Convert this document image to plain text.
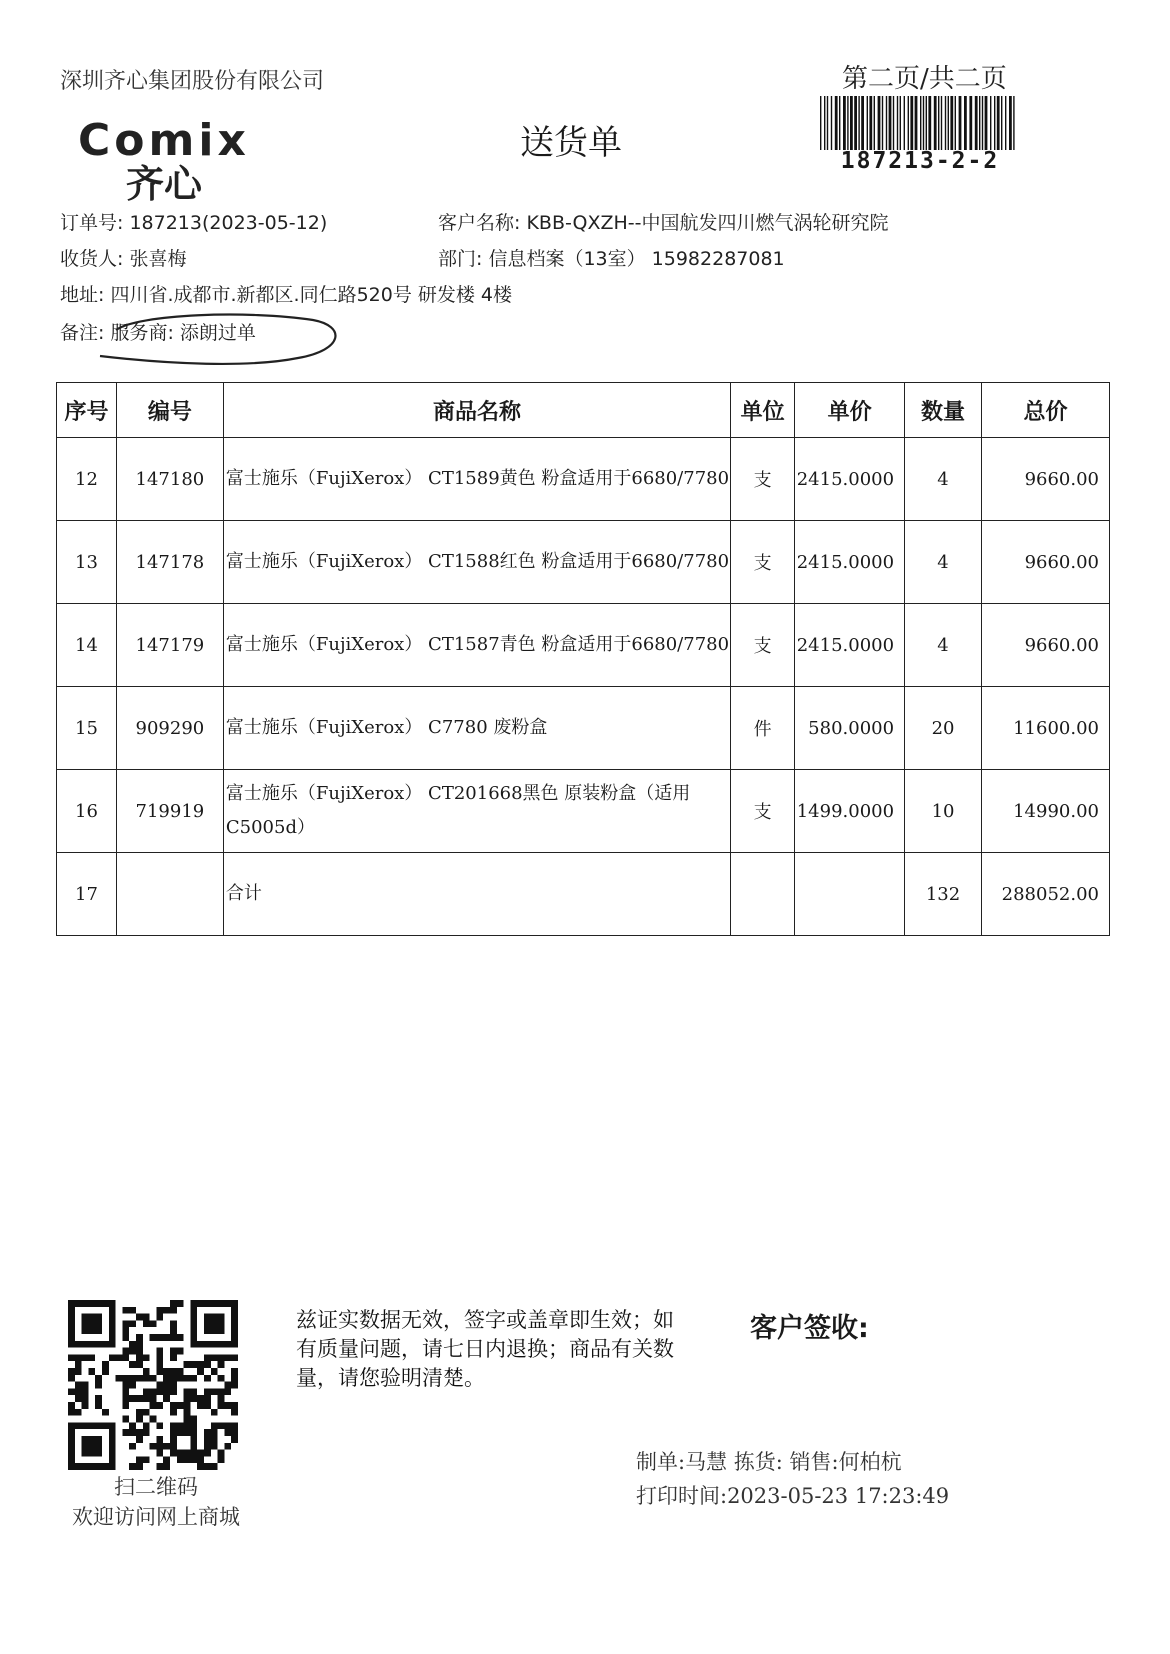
深圳齐心集团股份有限公司
Comix
齐心
送货单
第二页/共二页
187213-2-2
订单号: 187213(2023-05-12)	客户名称: KBB-QXZH--中国航发四川燃气涡轮研究院
收货人: 张喜梅	部门: 信息档案（13室） 15982287081
地址: 四川省.成都市.新都区.同仁路520号 研发楼 4楼
备注: 服务商: 添朗过单
序号	编号	商品名称	单位	单价	数量	总价
12	147180	富士施乐（FujiXerox） CT1589黄色 粉盒适用于6680/7780	支	2415.0000	4	9660.00
13	147178	富士施乐（FujiXerox） CT1588红色 粉盒适用于6680/7780	支	2415.0000	4	9660.00
14	147179	富士施乐（FujiXerox） CT1587青色 粉盒适用于6680/7780	支	2415.0000	4	9660.00
15	909290	富士施乐（FujiXerox） C7780 废粉盒	件	580.0000	20	11600.00
16	719919	富士施乐（FujiXerox） CT201668黑色 原装粉盒（适用C5005d）	支	1499.0000	10	14990.00
17		合计			132	288052.00
扫二维码
欢迎访问网上商城
兹证实数据无效，签字或盖章即生效；如有质量问题，请七日内退换；商品有关数量，请您验明清楚。
客户签收:
制单:马慧 拣货: 销售:何柏杭
打印时间:2023-05-23 17:23:49
